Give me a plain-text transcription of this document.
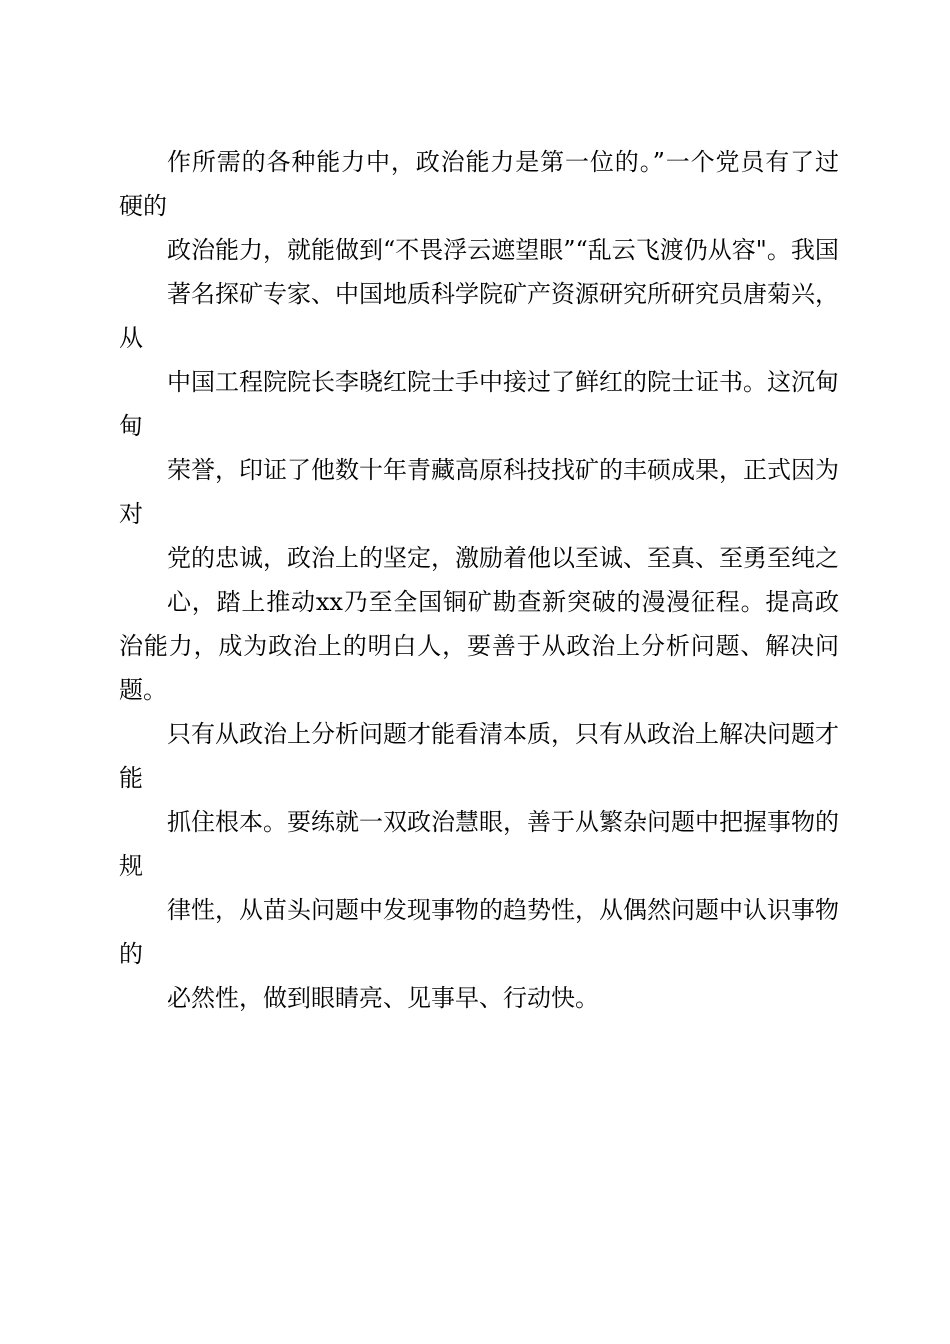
作所需的各种能力中，政治能力是第一位的。”一个党员有了过硬的

政治能力，就能做到“不畏浮云遮望眼”“乱云飞渡仍从容"。我国

著名探矿专家、中国地质科学院矿产资源研究所研究员唐菊兴，从

中国工程院院长李晓红院士手中接过了鲜红的院士证书。这沉甸甸

荣誉，印证了他数十年青藏高原科技找矿的丰硕成果，正式因为对

党的忠诚，政治上的坚定，激励着他以至诚、至真、至勇至纯之

心，踏上推动xx乃至全国铜矿勘查新突破的漫漫征程。提高政治能力，成为政治上的明白人，要善于从政治上分析问题、解决问题。

只有从政治上分析问题才能看清本质，只有从政治上解决问题才能

抓住根本。要练就一双政治慧眼，善于从繁杂问题中把握事物的规

律性，从苗头问题中发现事物的趋势性，从偶然问题中认识事物的

必然性，做到眼睛亮、见事早、行动快。
